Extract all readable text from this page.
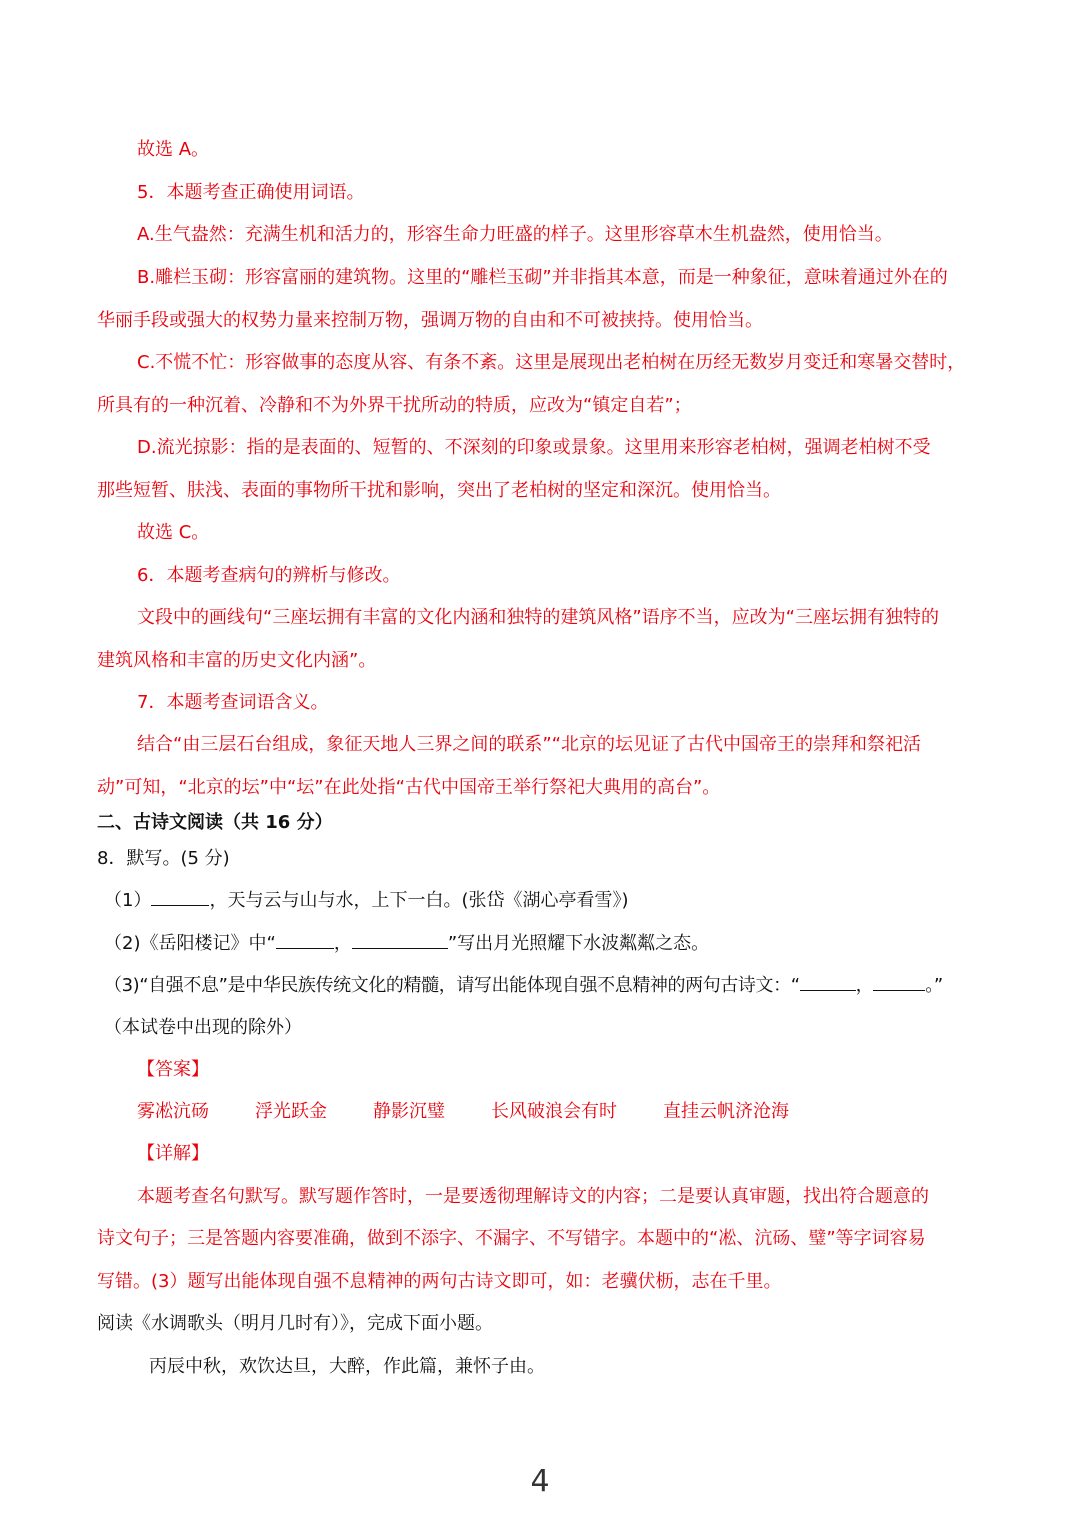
故选 A。
5．本题考查正确使用词语。
A.生气盎然：充满生机和活力的，形容生命力旺盛的样子。这里形容草木生机盎然，使用恰当。
B.雕栏玉砌：形容富丽的建筑物。这里的“雕栏玉砌”并非指其本意，而是一种象征，意味着通过外在的
华丽手段或强大的权势力量来控制万物，强调万物的自由和不可被挟持。使用恰当。
C.不慌不忙：形容做事的态度从容、有条不紊。这里是展现出老柏树在历经无数岁月变迁和寒暑交替时，
所具有的一种沉着、冷静和不为外界干扰所动的特质，应改为“镇定自若”；
D.流光掠影：指的是表面的、短暂的、不深刻的印象或景象。这里用来形容老柏树，强调老柏树不受
那些短暂、肤浅、表面的事物所干扰和影响，突出了老柏树的坚定和深沉。使用恰当。
故选 C。
6．本题考查病句的辨析与修改。
文段中的画线句“三座坛拥有丰富的文化内涵和独特的建筑风格”语序不当，应改为“三座坛拥有独特的
建筑风格和丰富的历史文化内涵”。
7．本题考查词语含义。
结合“由三层石台组成，象征天地人三界之间的联系”“北京的坛见证了古代中国帝王的崇拜和祭祀活
动”可知，“北京的坛”中“坛”在此处指“古代中国帝王举行祭祀大典用的高台”。
二、古诗文阅读（共 16 分）
8．默写。(5 分)
（1）	，天与云与山与水，上下一白。(张岱《湖心亭看雪》)
（2)《岳阳楼记》中“	，	”写出月光照耀下水波粼粼之态。
（3)“自强不息”是中华民族传统文化的精髓，请写出能体现自强不息精神的两句古诗文：“	，	。”
（本试卷中出现的除外）
【答案】
雾凇沆砀	浮光跃金	静影沉璧	长风破浪会有时	直挂云帆济沧海
【详解】
本题考查名句默写。默写题作答时，一是要透彻理解诗文的内容；二是要认真审题，找出符合题意的
诗文句子；三是答题内容要准确，做到不添字、不漏字、不写错字。本题中的“凇、沆砀、璧”等字词容易
写错。(3）题写出能体现自强不息精神的两句古诗文即可，如：老骥伏枥，志在千里。
阅读《水调歌头（明月几时有）》，完成下面小题。
丙辰中秋，欢饮达旦，大醉，作此篇，兼怀子由。
4
